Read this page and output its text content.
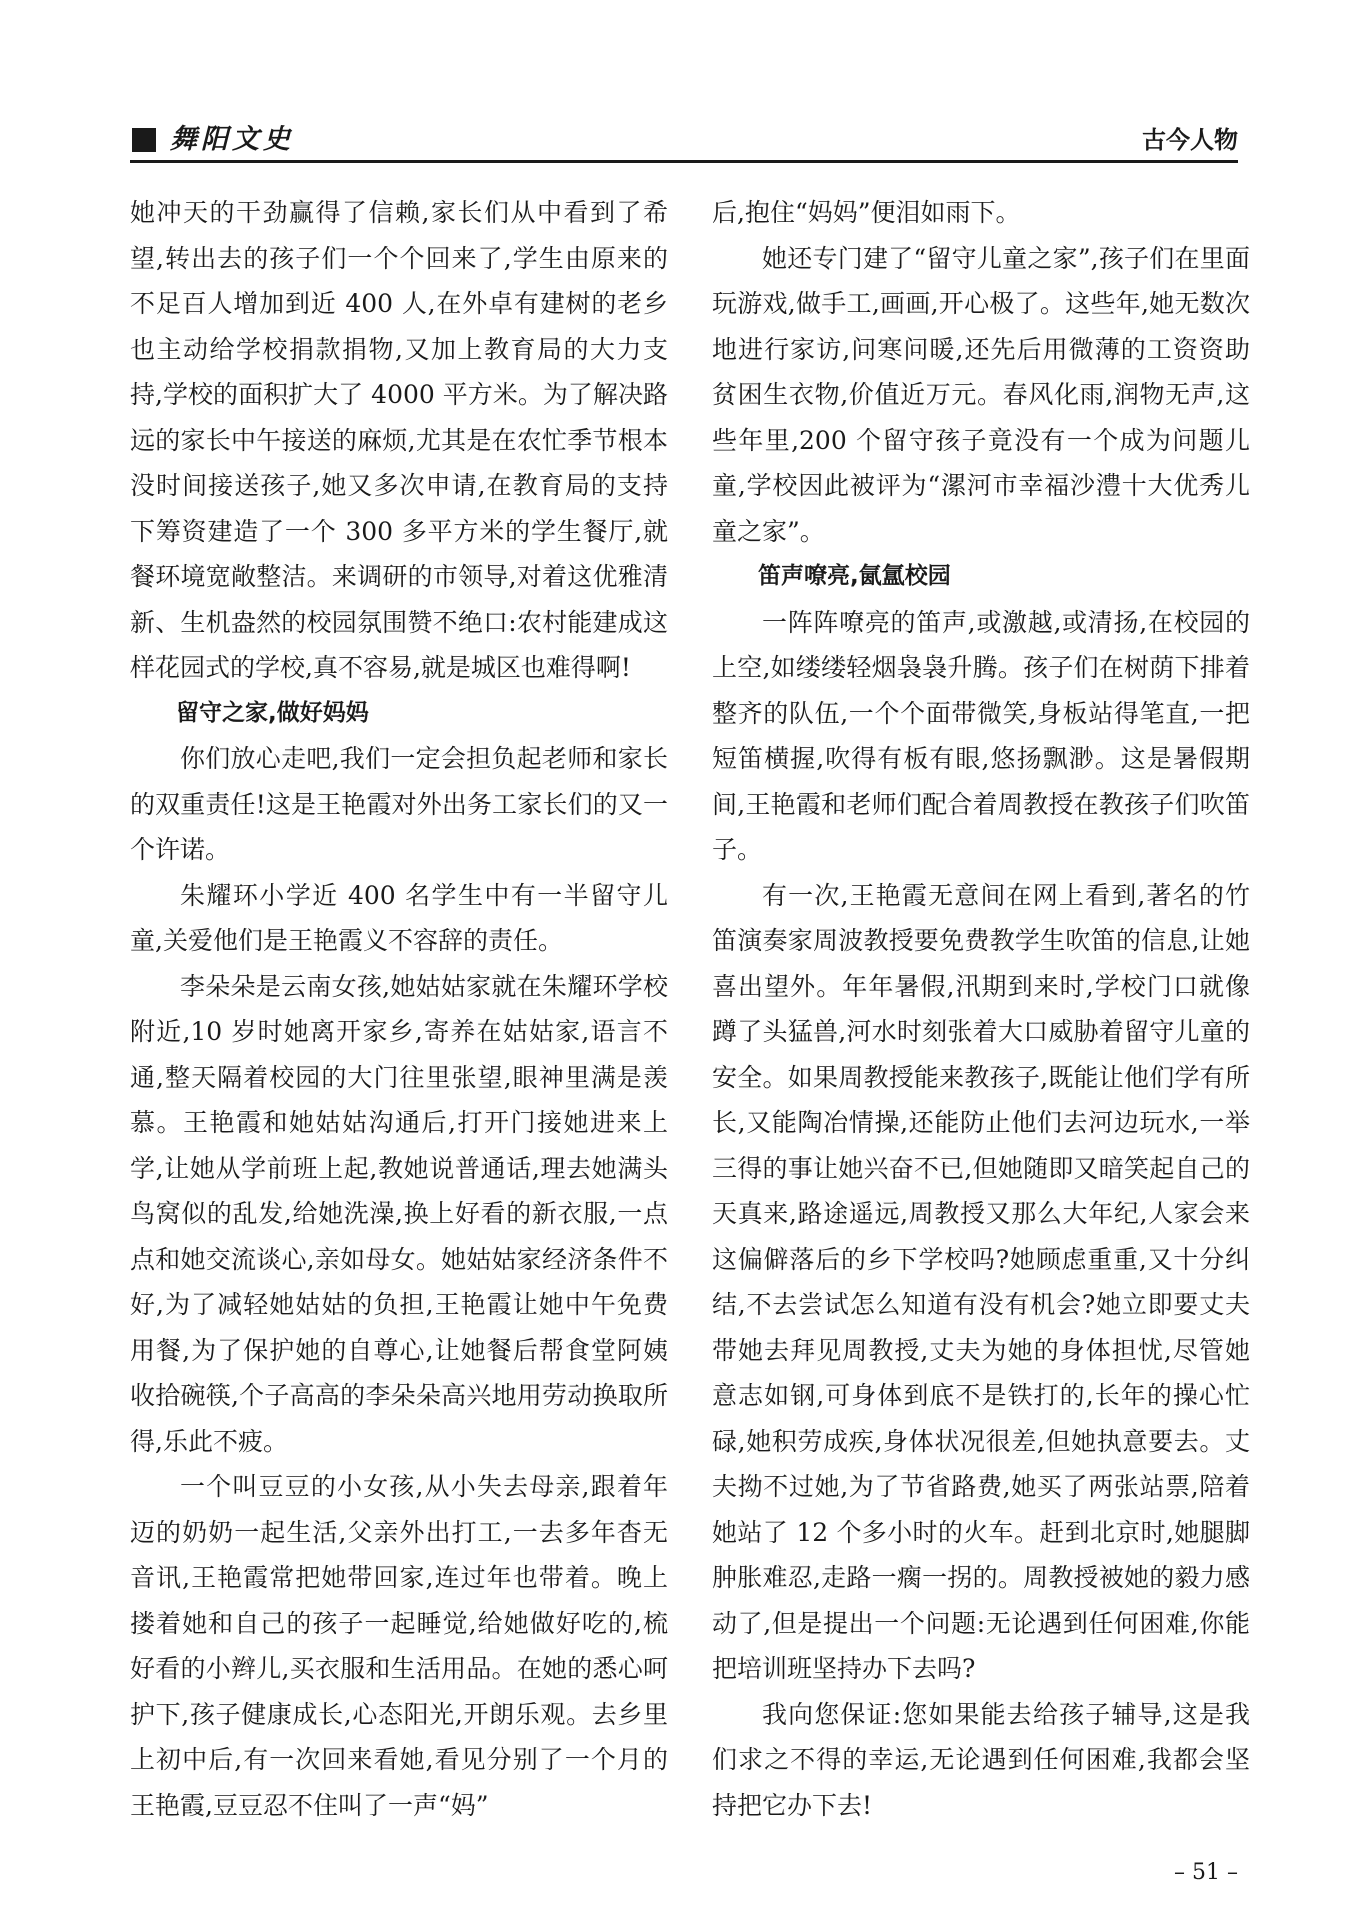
舞阳文史	古今人物

她冲天的干劲赢得了信赖,家长们从中看到了希望,转出去的孩子们一个个回来了,学生由原来的不足百人增加到近 400 人,在外卓有建树的老乡也主动给学校捐款捐物,又加上教育局的大力支持,学校的面积扩大了 4000 平方米。为了解决路远的家长中午接送的麻烦,尤其是在农忙季节根本没时间接送孩子,她又多次申请,在教育局的支持下筹资建造了一个 300 多平方米的学生餐厅,就餐环境宽敞整洁。来调研的市领导,对着这优雅清新、生机盎然的校园氛围赞不绝口:农村能建成这样花园式的学校,真不容易,就是城区也难得啊!

留守之家,做好妈妈

你们放心走吧,我们一定会担负起老师和家长的双重责任!这是王艳霞对外出务工家长们的又一个许诺。

朱耀环小学近 400 名学生中有一半留守儿童,关爱他们是王艳霞义不容辞的责任。

李朵朵是云南女孩,她姑姑家就在朱耀环学校附近,10 岁时她离开家乡,寄养在姑姑家,语言不通,整天隔着校园的大门往里张望,眼神里满是羡慕。王艳霞和她姑姑沟通后,打开门接她进来上学,让她从学前班上起,教她说普通话,理去她满头鸟窝似的乱发,给她洗澡,换上好看的新衣服,一点点和她交流谈心,亲如母女。她姑姑家经济条件不好,为了减轻她姑姑的负担,王艳霞让她中午免费用餐,为了保护她的自尊心,让她餐后帮食堂阿姨收拾碗筷,个子高高的李朵朵高兴地用劳动换取所得,乐此不疲。

一个叫豆豆的小女孩,从小失去母亲,跟着年迈的奶奶一起生活,父亲外出打工,一去多年杳无音讯,王艳霞常把她带回家,连过年也带着。晚上搂着她和自己的孩子一起睡觉,给她做好吃的,梳好看的小辫儿,买衣服和生活用品。在她的悉心呵护下,孩子健康成长,心态阳光,开朗乐观。去乡里上初中后,有一次回来看她,看见分别了一个月的王艳霞,豆豆忍不住叫了一声“妈”

后,抱住“妈妈”便泪如雨下。

她还专门建了“留守儿童之家”,孩子们在里面玩游戏,做手工,画画,开心极了。这些年,她无数次地进行家访,问寒问暖,还先后用微薄的工资资助贫困生衣物,价值近万元。春风化雨,润物无声,这些年里,200 个留守孩子竟没有一个成为问题儿童,学校因此被评为“漯河市幸福沙澧十大优秀儿童之家”。

笛声嘹亮,氤氲校园

一阵阵嘹亮的笛声,或激越,或清扬,在校园的上空,如缕缕轻烟袅袅升腾。孩子们在树荫下排着整齐的队伍,一个个面带微笑,身板站得笔直,一把短笛横握,吹得有板有眼,悠扬飘渺。这是暑假期间,王艳霞和老师们配合着周教授在教孩子们吹笛子。

有一次,王艳霞无意间在网上看到,著名的竹笛演奏家周波教授要免费教学生吹笛的信息,让她喜出望外。年年暑假,汛期到来时,学校门口就像蹲了头猛兽,河水时刻张着大口威胁着留守儿童的安全。如果周教授能来教孩子,既能让他们学有所长,又能陶冶情操,还能防止他们去河边玩水,一举三得的事让她兴奋不已,但她随即又暗笑起自己的天真来,路途遥远,周教授又那么大年纪,人家会来这偏僻落后的乡下学校吗?她顾虑重重,又十分纠结,不去尝试怎么知道有没有机会?她立即要丈夫带她去拜见周教授,丈夫为她的身体担忧,尽管她意志如钢,可身体到底不是铁打的,长年的操心忙碌,她积劳成疾,身体状况很差,但她执意要去。丈夫拗不过她,为了节省路费,她买了两张站票,陪着她站了 12 个多小时的火车。赶到北京时,她腿脚肿胀难忍,走路一瘸一拐的。周教授被她的毅力感动了,但是提出一个问题:无论遇到任何困难,你能把培训班坚持办下去吗?

我向您保证:您如果能去给孩子辅导,这是我们求之不得的幸运,无论遇到任何困难,我都会坚持把它办下去!

– 51 –
